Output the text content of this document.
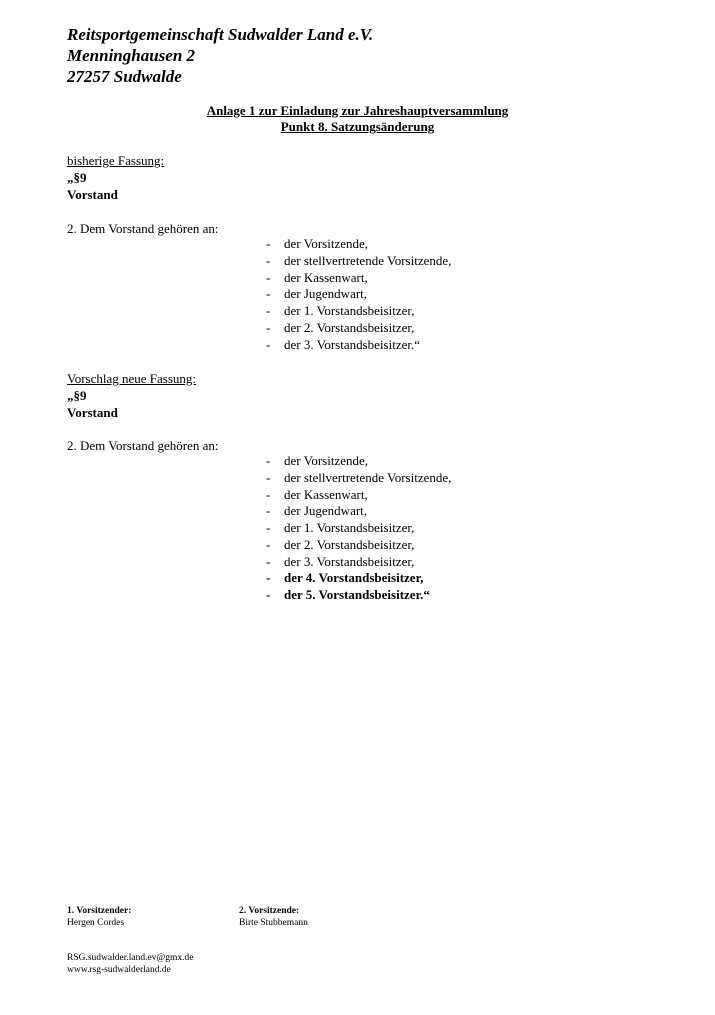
Reitsportgemeinschaft Sudwalder Land e.V.
Menninghausen 2
27257 Sudwalde
Anlage 1 zur Einladung zur Jahreshauptversammlung
Punkt 8. Satzungsänderung
bisherige Fassung:
„§9
Vorstand
2. Dem Vorstand gehören an:
- der Vorsitzende,
- der stellvertretende Vorsitzende,
- der Kassenwart,
- der Jugendwart,
- der 1. Vorstandsbeisitzer,
- der 2. Vorstandsbeisitzer,
- der 3. Vorstandsbeisitzer.“
Vorschlag neue Fassung:
„§9
Vorstand
2. Dem Vorstand gehören an:
- der Vorsitzende,
- der stellvertretende Vorsitzende,
- der Kassenwart,
- der Jugendwart,
- der 1. Vorstandsbeisitzer,
- der 2. Vorstandsbeisitzer,
- der 3. Vorstandsbeisitzer,
- der 4. Vorstandsbeisitzer,
- der 5. Vorstandsbeisitzer.“
1. Vorsitzender:
Hergen Cordes
2. Vorsitzende:
Birte Stubbemann
RSG.sudwalder.land.ev@gmx.de
www.rsg-sudwalderland.de
